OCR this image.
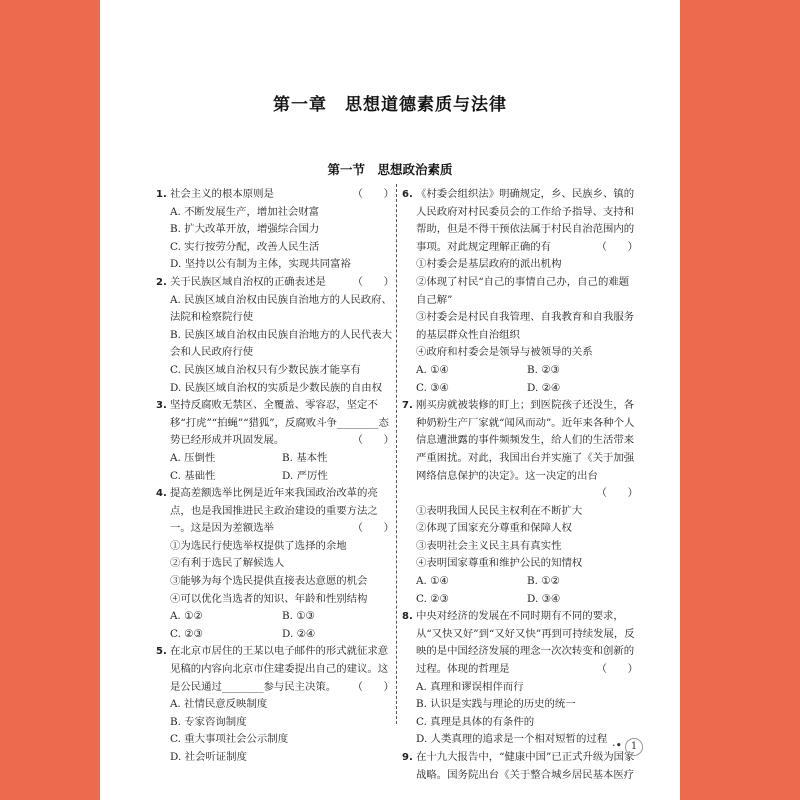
第一章　思想道德素质与法律
第一节　思想政治素质
1. 社会主义的根本原则是	（　　）
A. 不断发展生产，增加社会财富
B. 扩大改革开放，增强综合国力
C. 实行按劳分配，改善人民生活
D. 坚持以公有制为主体，实现共同富裕
2. 关于民族区域自治权的正确表述是	（　　）
A. 民族区域自治权由民族自治地方的人民政府、法院和检察院行使
B. 民族区域自治权由民族自治地方的人民代表大会和人民政府行使
C. 民族区域自治权只有少数民族才能享有
D. 民族区域自治权的实质是少数民族的自由权
3. 坚持反腐败无禁区、全覆盖、零容忍，坚定不移“打虎”“拍蝇”“猎狐”，反腐败斗争________态势已经形成并巩固发展。	（　　）
A. 压倒性	B. 基本性
C. 基础性	D. 严厉性
4. 提高差额选举比例是近年来我国政治改革的亮点，也是我国推进民主政治建设的重要方法之一。这是因为差额选举	（　　）
①为选民行使选举权提供了选择的余地
②有利于选民了解候选人
③能够为每个选民提供直接表达意愿的机会
④可以优化当选者的知识、年龄和性别结构
A. ①②	B. ①③
C. ②③	D. ②④
5. 在北京市居住的王某以电子邮件的形式就征求意见稿的内容向北京市住建委提出自己的建议。这是公民通过________参与民主决策。 （　　）
A. 社情民意反映制度
B. 专家咨询制度
C. 重大事项社会公示制度
D. 社会听证制度
6. 《村委会组织法》明确规定，乡、民族乡、镇的人民政府对村民委员会的工作给予指导、支持和帮助，但是不得干预依法属于村民自治范围内的事项。对此规定理解正确的有	（　　）
①村委会是基层政府的派出机构
②体现了村民“自己的事情自己办，自己的难题自己解”
③村委会是村民自我管理、自我教育和自我服务的基层群众性自治组织
④政府和村委会是领导与被领导的关系
A. ①④	B. ②③
C. ③④	D. ②④
7. 刚买房就被装修的盯上；到医院孩子还没生，各种奶粉生产厂家就“闻风而动”。近年来各种个人信息遭泄露的事件频频发生，给人们的生活带来严重困扰。对此，我国出台并实施了《关于加强网络信息保护的决定》。这一决定的出台
（　　）
①表明我国人民民主权利在不断扩大
②体现了国家充分尊重和保障人权
③表明社会主义民主具有真实性
④表明国家尊重和维护公民的知情权
A. ①④	B. ①②
C. ②③	D. ③④
8. 中央对经济的发展在不同时期有不同的要求，从“又快又好”到“又好又快”再到可持续发展，反映的是中国经济发展的理念一次次转变和创新的过程。体现的哲理是	（　　）
A. 真理和谬误相伴而行
B. 认识是实践与理论的历史的统一
C. 真理是具体的有条件的
D. 人类真理的追求是一个相对短暂的过程
9. 在十九大报告中，“健康中国”已正式升级为国家战略。国务院出台《关于整合城乡居民基本医疗
·• 1
